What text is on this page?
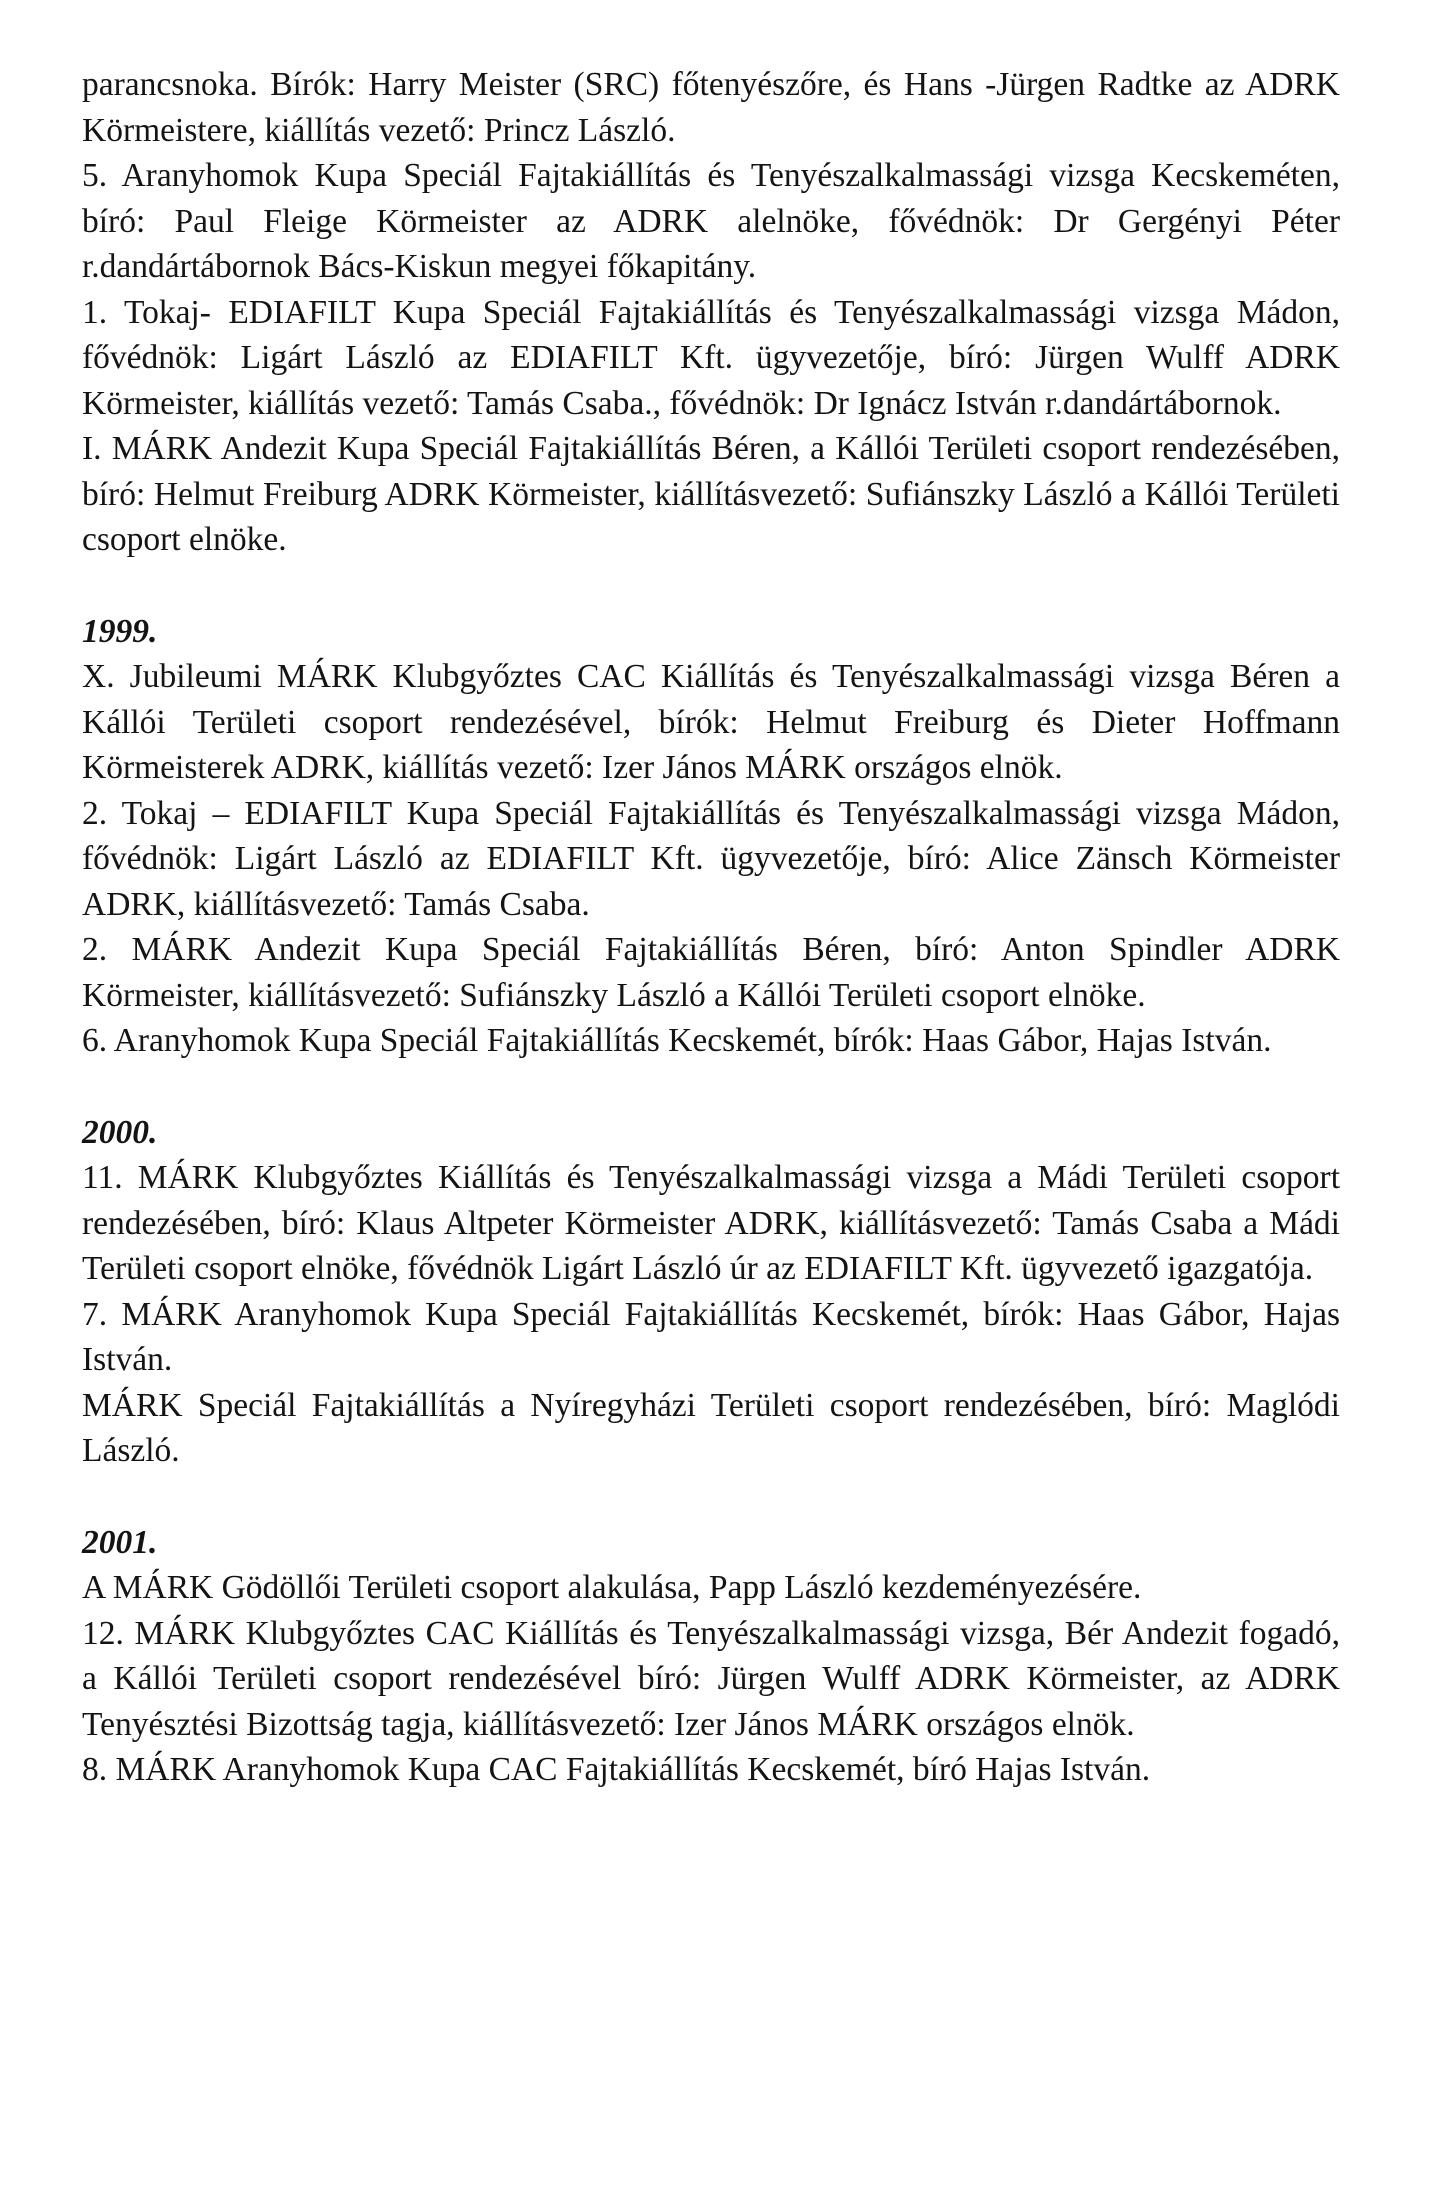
parancsnoka. Bírók: Harry Meister (SRC) főtenyészőre, és Hans -Jürgen Radtke az ADRK Körmeistere, kiállítás vezető: Princz László.

5. Aranyhomok Kupa Speciál Fajtakiállítás és Tenyészalkalmassági vizsga Kecskeméten, bíró: Paul Fleige Körmeister az ADRK alelnöke, fővédnök: Dr Gergényi Péter r.dandártábornok Bács-Kiskun megyei főkapitány.

1. Tokaj- EDIAFILT Kupa Speciál Fajtakiállítás és Tenyészalkalmassági vizsga Mádon, fővédnök: Ligárt László az EDIAFILT Kft. ügyvezetője, bíró: Jürgen Wulff ADRK Körmeister, kiállítás vezető: Tamás Csaba., fővédnök: Dr Ignácz István r.dandártábornok.

I. MÁRK Andezit Kupa Speciál Fajtakiállítás Béren, a Kállói Területi csoport rendezésében, bíró: Helmut Freiburg ADRK Körmeister, kiállításvezető: Sufiánszky László a Kállói Területi csoport elnöke.

1999.

X. Jubileumi MÁRK Klubgyőztes CAC Kiállítás és Tenyészalkalmassági vizsga Béren a Kállói Területi csoport rendezésével, bírók: Helmut Freiburg és Dieter Hoffmann Körmeisterek ADRK, kiállítás vezető: Izer János MÁRK országos elnök.

2. Tokaj – EDIAFILT Kupa Speciál Fajtakiállítás és Tenyészalkalmassági vizsga Mádon, fővédnök: Ligárt László az EDIAFILT Kft. ügyvezetője, bíró: Alice Zänsch Körmeister ADRK, kiállításvezető: Tamás Csaba.

2. MÁRK Andezit Kupa Speciál Fajtakiállítás Béren, bíró: Anton Spindler ADRK Körmeister, kiállításvezető: Sufiánszky László a Kállói Területi csoport elnöke.

6. Aranyhomok Kupa Speciál Fajtakiállítás Kecskemét, bírók: Haas Gábor, Hajas István.

2000.

11. MÁRK Klubgyőztes Kiállítás és Tenyészalkalmassági vizsga a Mádi Területi csoport rendezésében, bíró: Klaus Altpeter Körmeister ADRK, kiállításvezető: Tamás Csaba a Mádi Területi csoport elnöke, fővédnök Ligárt László úr az EDIAFILT Kft. ügyvezető igazgatója.

7. MÁRK Aranyhomok Kupa Speciál Fajtakiállítás Kecskemét, bírók: Haas Gábor, Hajas István.

MÁRK Speciál Fajtakiállítás a Nyíregyházi Területi csoport rendezésében, bíró: Maglódi László.

2001.

A MÁRK Gödöllői Területi csoport alakulása, Papp László kezdeményezésére.

12. MÁRK Klubgyőztes CAC Kiállítás és Tenyészalkalmassági vizsga, Bér Andezit fogadó, a Kállói Területi csoport rendezésével bíró: Jürgen Wulff ADRK Körmeister, az ADRK Tenyésztési Bizottság tagja, kiállításvezető: Izer János MÁRK országos elnök.

8. MÁRK Aranyhomok Kupa CAC Fajtakiállítás Kecskemét, bíró Hajas István.
